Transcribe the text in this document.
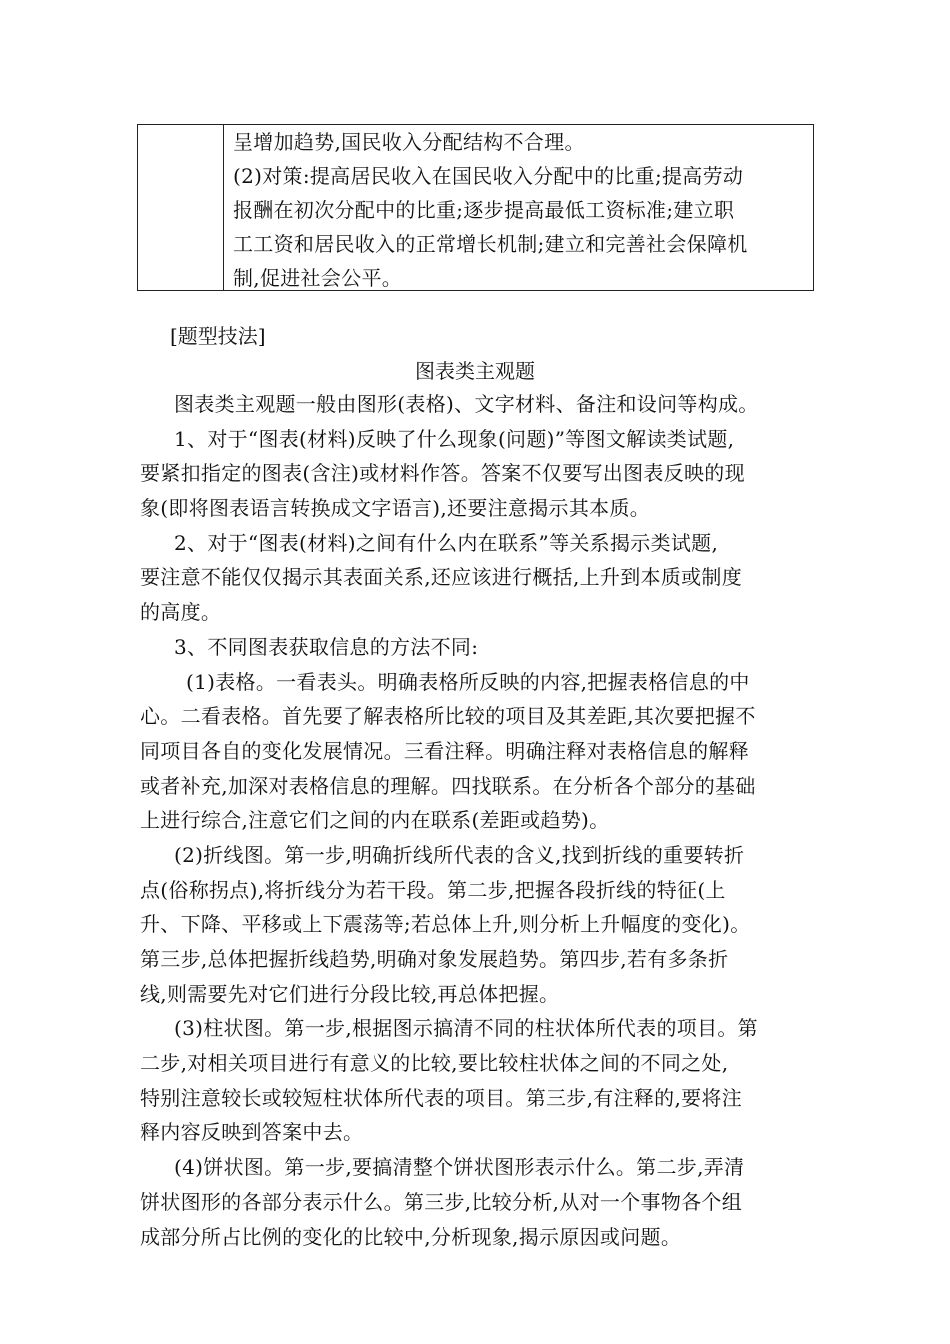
呈增加趋势,国民收入分配结构不合理。
(2)对策:提高居民收入在国民收入分配中的比重;提高劳动
报酬在初次分配中的比重;逐步提高最低工资标准;建立职
工工资和居民收入的正常增长机制;建立和完善社会保障机
制,促进社会公平。
[题型技法]
图表类主观题
图表类主观题一般由图形(表格)、文字材料、备注和设问等构成。
1、对于“图表(材料)反映了什么现象(问题)”等图文解读类试题,
要紧扣指定的图表(含注)或材料作答。答案不仅要写出图表反映的现
象(即将图表语言转换成文字语言),还要注意揭示其本质。
2、对于“图表(材料)之间有什么内在联系”等关系揭示类试题,
要注意不能仅仅揭示其表面关系,还应该进行概括,上升到本质或制度
的高度。
3、不同图表获取信息的方法不同:
(1)表格。一看表头。明确表格所反映的内容,把握表格信息的中
心。二看表格。首先要了解表格所比较的项目及其差距,其次要把握不
同项目各自的变化发展情况。三看注释。明确注释对表格信息的解释
或者补充,加深对表格信息的理解。四找联系。在分析各个部分的基础
上进行综合,注意它们之间的内在联系(差距或趋势)。
(2)折线图。第一步,明确折线所代表的含义,找到折线的重要转折
点(俗称拐点),将折线分为若干段。第二步,把握各段折线的特征(上
升、下降、平移或上下震荡等;若总体上升,则分析上升幅度的变化)。
第三步,总体把握折线趋势,明确对象发展趋势。第四步,若有多条折
线,则需要先对它们进行分段比较,再总体把握。
(3)柱状图。第一步,根据图示搞清不同的柱状体所代表的项目。第
二步,对相关项目进行有意义的比较,要比较柱状体之间的不同之处,
特别注意较长或较短柱状体所代表的项目。第三步,有注释的,要将注
释内容反映到答案中去。
(4)饼状图。第一步,要搞清整个饼状图形表示什么。第二步,弄清
饼状图形的各部分表示什么。第三步,比较分析,从对一个事物各个组
成部分所占比例的变化的比较中,分析现象,揭示原因或问题。
